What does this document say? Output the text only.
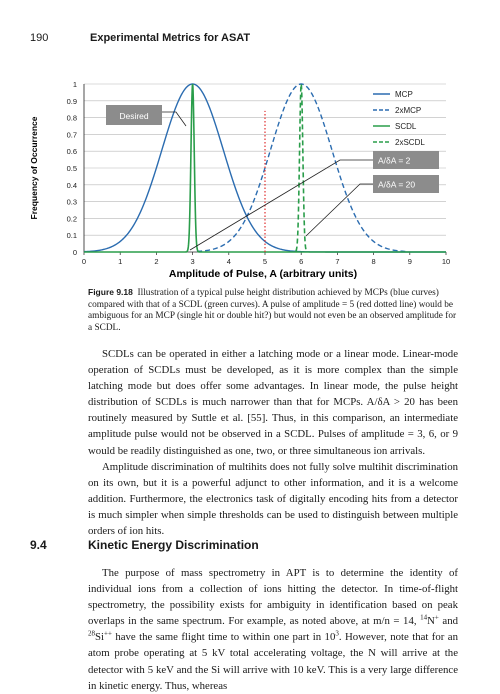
190	Experimental Metrics for ASAT
0
0.1
0.2
0.3
0.4
0.5
0.6
0.7
0.8
0.9
1
0	1	2	3	4	5	6	7	8	9	10
Desired
A/δA = 2
A/δA = 20
MCP
2xMCP
SCDL
2xSCDL
Amplitude of Pulse, A (arbitrary units)
Frequency of Occurrence
Figure 9.18 Illustration of a typical pulse height distribution achieved by MCPs (blue curves) compared with that of a SCDL (green curves). A pulse of amplitude = 5 (red dotted line) would be ambiguous for an MCP (single hit or double hit?) but would not even be an observed amplitude for a SCDL.

SCDLs can be operated in either a latching mode or a linear mode. Linear-mode operation of SCDLs must be developed, as it is more complex than the simple latching mode but does offer some advantages. In linear mode, the pulse height distribution of SCDLs is much narrower than that for MCPs. A/δA > 20 has been routinely measured by Suttle et al. [55]. Thus, in this comparison, an intermediate amplitude pulse would not be observed in a SCDL. Pulses of amplitude = 3, 6, or 9 would be readily distinguished as one, two, or three simultaneous ion arrivals.

Amplitude discrimination of multihits does not fully solve multihit discrimination on its own, but it is a powerful adjunct to other information, and it is a welcome addition. Furthermore, the electronics task of digitally encoding hits from a detector is much simpler when simple thresholds can be used to distinguish between multiple orders of ion hits.

9.4	Kinetic Energy Discrimination

The purpose of mass spectrometry in APT is to determine the identity of individual ions from a collection of ions hitting the detector. In time-of-flight spectrometry, the possibility exists for ambiguity in identification based on peak overlaps in the same spectrum. For example, as noted above, at m/n = 14, $^{14}$N+ and $^{28}$Si++ have the same flight time to within one part in $10^3$. However, note that for an atom probe operating at 5 kV total accelerating voltage, the N will arrive at the detector with 5 keV and the Si will arrive with 10 keV. This is a very large difference in kinetic energy. Thus, whereas
